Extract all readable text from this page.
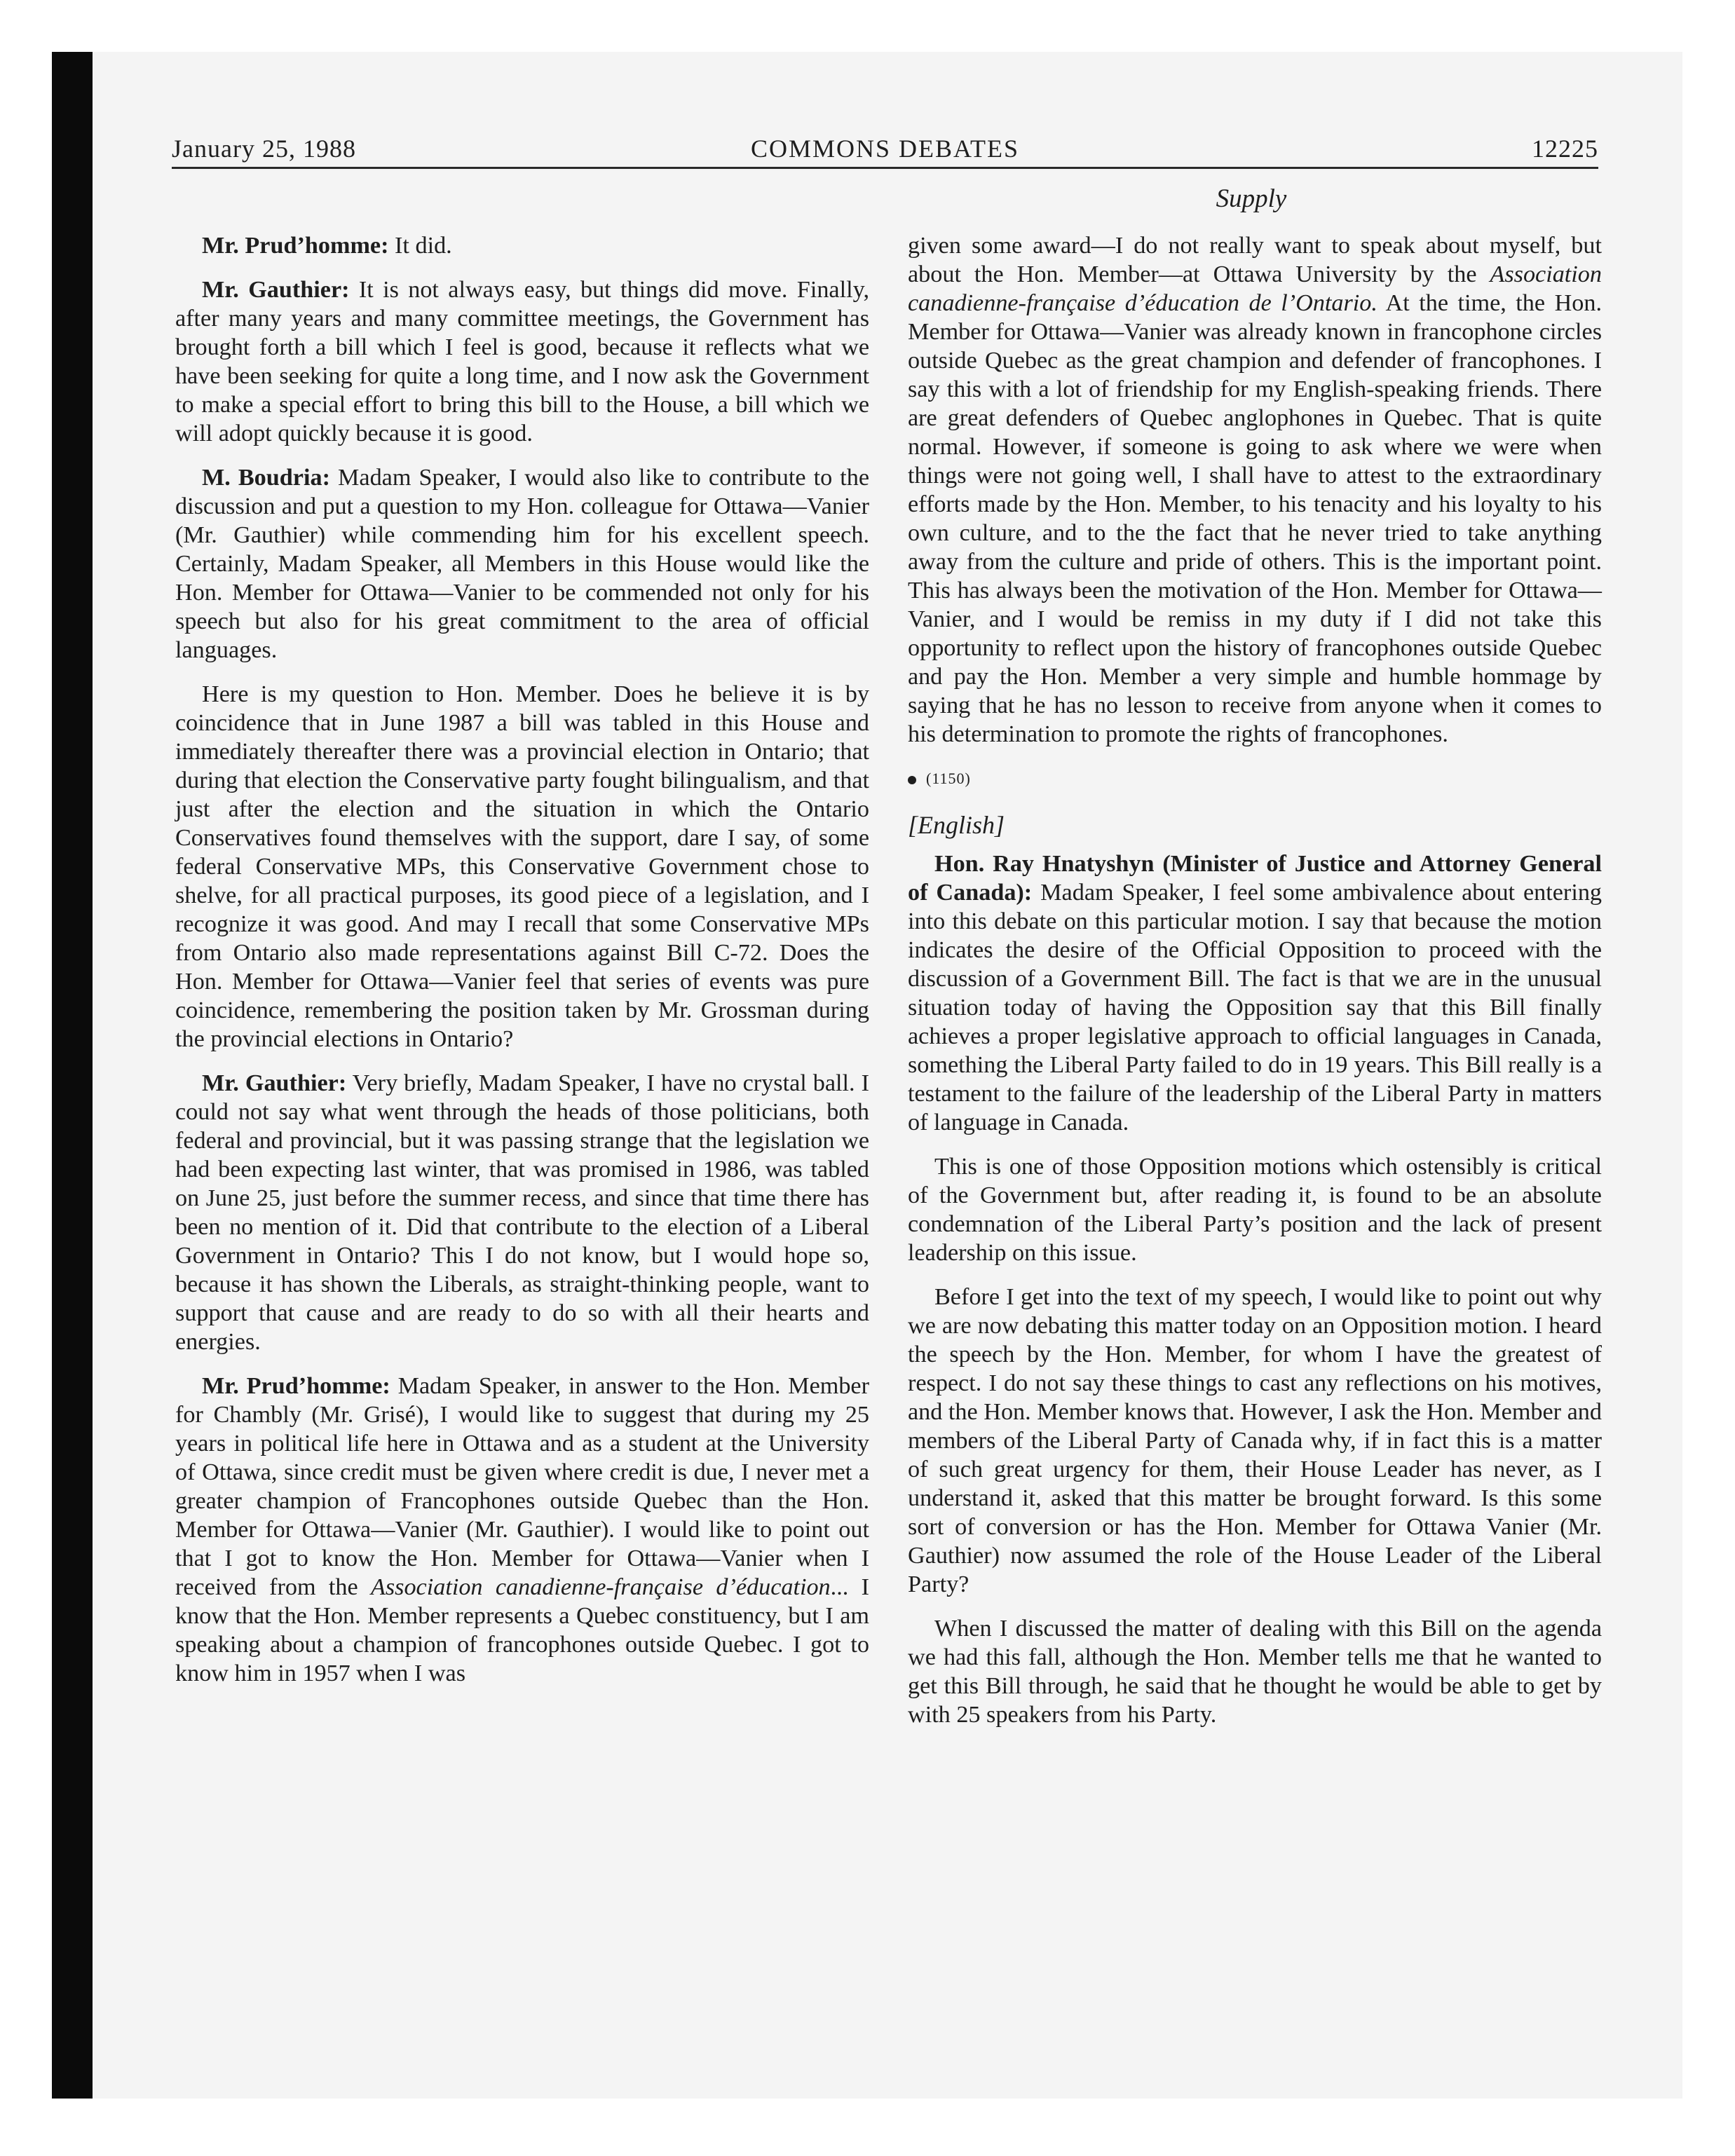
January 25, 1988	COMMONS DEBATES	12225
Supply

Mr. Prud’homme: It did.

Mr. Gauthier: It is not always easy, but things did move. Finally, after many years and many committee meetings, the Government has brought forth a bill which I feel is good, because it reflects what we have been seeking for quite a long time, and I now ask the Government to make a special effort to bring this bill to the House, a bill which we will adopt quickly because it is good.

M. Boudria: Madam Speaker, I would also like to contribute to the discussion and put a question to my Hon. colleague for Ottawa—Vanier (Mr. Gauthier) while commending him for his excellent speech. Certainly, Madam Speaker, all Members in this House would like the Hon. Member for Ottawa—Vanier to be commended not only for his speech but also for his great commitment to the area of official languages.

Here is my question to Hon. Member. Does he believe it is by coincidence that in June 1987 a bill was tabled in this House and immediately thereafter there was a provincial election in Ontario; that during that election the Conservative party fought bilingualism, and that just after the election and the situation in which the Ontario Conservatives found themselves with the support, dare I say, of some federal Conservative MPs, this Conservative Government chose to shelve, for all practical purposes, its good piece of a legislation, and I recognize it was good. And may I recall that some Conservative MPs from Ontario also made representations against Bill C-72. Does the Hon. Member for Ottawa—Vanier feel that series of events was pure coincidence, remembering the position taken by Mr. Grossman during the provincial elections in Ontario?

Mr. Gauthier: Very briefly, Madam Speaker, I have no crystal ball. I could not say what went through the heads of those politicians, both federal and provincial, but it was passing strange that the legislation we had been expecting last winter, that was promised in 1986, was tabled on June 25, just before the summer recess, and since that time there has been no mention of it. Did that contribute to the election of a Liberal Government in Ontario? This I do not know, but I would hope so, because it has shown the Liberals, as straight-thinking people, want to support that cause and are ready to do so with all their hearts and energies.

Mr. Prud’homme: Madam Speaker, in answer to the Hon. Member for Chambly (Mr. Grisé), I would like to suggest that during my 25 years in political life here in Ottawa and as a student at the University of Ottawa, since credit must be given where credit is due, I never met a greater champion of Francophones outside Quebec than the Hon. Member for Ottawa—Vanier (Mr. Gauthier). I would like to point out that I got to know the Hon. Member for Ottawa—Vanier when I received from the Association canadienne-française d’éducation... I know that the Hon. Member represents a Quebec constituency, but I am speaking about a champion of francophones outside Quebec. I got to know him in 1957 when I was

given some award—I do not really want to speak about myself, but about the Hon. Member—at Ottawa University by the Association canadienne-française d’éducation de l’Ontario. At the time, the Hon. Member for Ottawa—Vanier was already known in francophone circles outside Quebec as the great champion and defender of francophones. I say this with a lot of friendship for my English-speaking friends. There are great defenders of Quebec anglophones in Quebec. That is quite normal. However, if someone is going to ask where we were when things were not going well, I shall have to attest to the extraordinary efforts made by the Hon. Member, to his tenacity and his loyalty to his own culture, and to the the fact that he never tried to take anything away from the culture and pride of others. This is the important point. This has always been the motivation of the Hon. Member for Ottawa—Vanier, and I would be remiss in my duty if I did not take this opportunity to reflect upon the history of francophones outside Quebec and pay the Hon. Member a very simple and humble hommage by saying that he has no lesson to receive from anyone when it comes to his determination to promote the rights of francophones.

(1150)
[English]

Hon. Ray Hnatyshyn (Minister of Justice and Attorney General of Canada): Madam Speaker, I feel some ambivalence about entering into this debate on this particular motion. I say that because the motion indicates the desire of the Official Opposition to proceed with the discussion of a Government Bill. The fact is that we are in the unusual situation today of having the Opposition say that this Bill finally achieves a proper legislative approach to official languages in Canada, something the Liberal Party failed to do in 19 years. This Bill really is a testament to the failure of the leadership of the Liberal Party in matters of language in Canada.

This is one of those Opposition motions which ostensibly is critical of the Government but, after reading it, is found to be an absolute condemnation of the Liberal Party’s position and the lack of present leadership on this issue.

Before I get into the text of my speech, I would like to point out why we are now debating this matter today on an Opposition motion. I heard the speech by the Hon. Member, for whom I have the greatest of respect. I do not say these things to cast any reflections on his motives, and the Hon. Member knows that. However, I ask the Hon. Member and members of the Liberal Party of Canada why, if in fact this is a matter of such great urgency for them, their House Leader has never, as I understand it, asked that this matter be brought forward. Is this some sort of conversion or has the Hon. Member for Ottawa Vanier (Mr. Gauthier) now assumed the role of the House Leader of the Liberal Party?

When I discussed the matter of dealing with this Bill on the agenda we had this fall, although the Hon. Member tells me that he wanted to get this Bill through, he said that he thought he would be able to get by with 25 speakers from his Party.
